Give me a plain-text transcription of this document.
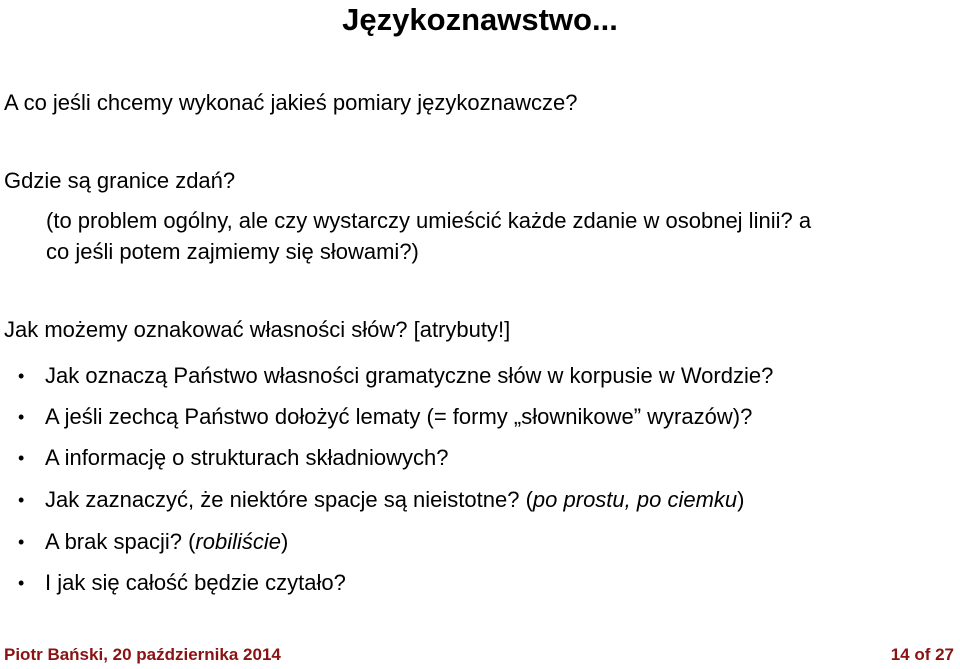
Językoznawstwo...
A co jeśli chcemy wykonać jakieś pomiary językoznawcze?
Gdzie są granice zdań?
(to problem ogólny, ale czy wystarczy umieścić każde zdanie w osobnej linii? a
co jeśli potem zajmiemy się słowami?)
Jak możemy oznakować własności słów? [atrybuty!]
• Jak oznaczą Państwo własności gramatyczne słów w korpusie w Wordzie?
• A jeśli zechcą Państwo dołożyć lematy (= formy „słownikowe” wyrazów)?
• A informację o strukturach składniowych?
• Jak zaznaczyć, że niektóre spacje są nieistotne? (po prostu, po ciemku)
• A brak spacji? (robiliście)
• I jak się całość będzie czytało?
Piotr Bański, 20 października 2014	14 of 27
